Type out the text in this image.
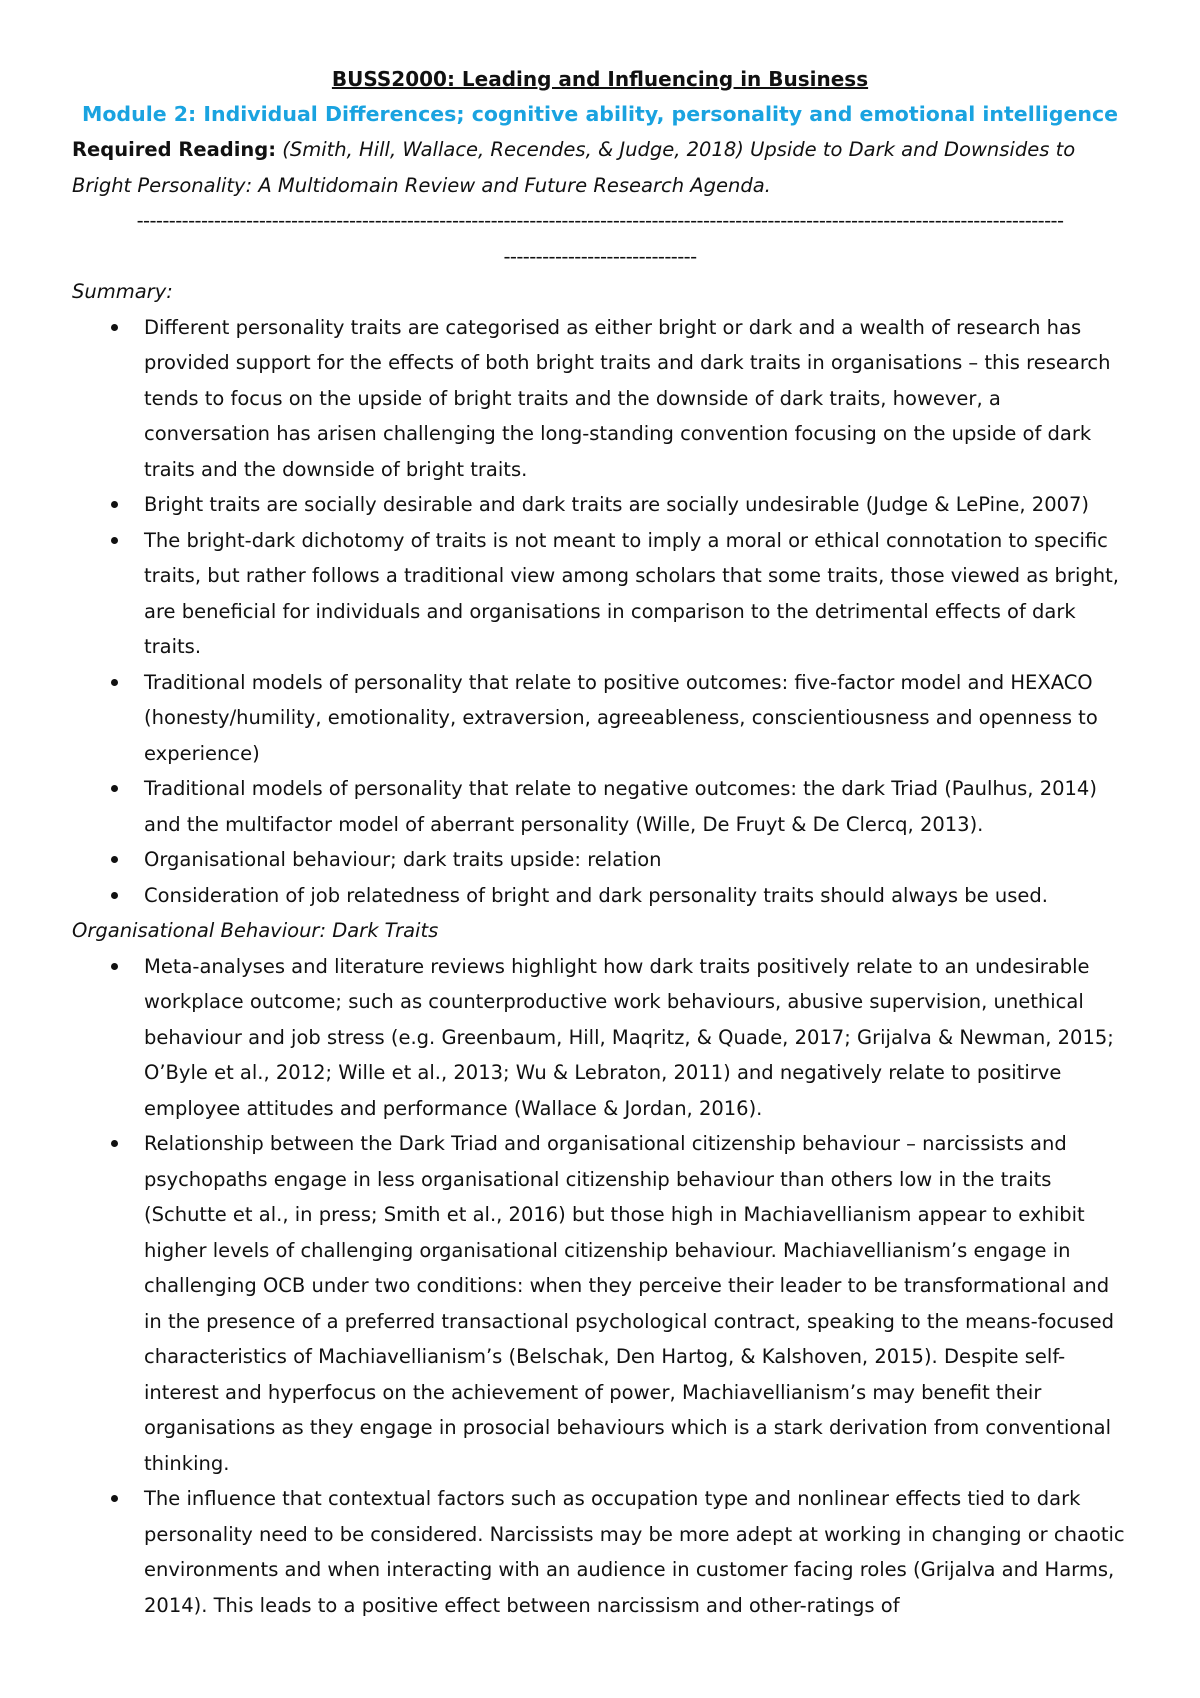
BUSS2000: Leading and Influencing in Business

Module 2: Individual Differences; cognitive ability, personality and emotional intelligence

Required Reading: (Smith, Hill, Wallace, Recendes, & Judge, 2018) Upside to Dark and Downsides to Bright Personality: A Multidomain Review and Future Research Agenda.

------------------------------------------------------------------------------------------------------------------------------------------------

------------------------------

Summary:

Different personality traits are categorised as either bright or dark and a wealth of research has provided support for the effects of both bright traits and dark traits in organisations – this research tends to focus on the upside of bright traits and the downside of dark traits, however, a conversation has arisen challenging the long-standing convention focusing on the upside of dark traits and the downside of bright traits.
Bright traits are socially desirable and dark traits are socially undesirable (Judge & LePine, 2007)
The bright-dark dichotomy of traits is not meant to imply a moral or ethical connotation to specific traits, but rather follows a traditional view among scholars that some traits, those viewed as bright, are beneficial for individuals and organisations in comparison to the detrimental effects of dark traits.
Traditional models of personality that relate to positive outcomes: five-factor model and HEXACO (honesty/humility, emotionality, extraversion, agreeableness, conscientiousness and openness to experience)
Traditional models of personality that relate to negative outcomes: the dark Triad (Paulhus, 2014) and the multifactor model of aberrant personality (Wille, De Fruyt & De Clercq, 2013).
Organisational behaviour; dark traits upside: relation
Consideration of job relatedness of bright and dark personality traits should always be used.

Organisational Behaviour: Dark Traits

Meta-analyses and literature reviews highlight how dark traits positively relate to an undesirable workplace outcome; such as counterproductive work behaviours, abusive supervision, unethical behaviour and job stress (e.g. Greenbaum, Hill, Maqritz, & Quade, 2017; Grijalva & Newman, 2015; O’Byle et al., 2012; Wille et al., 2013; Wu & Lebraton, 2011) and negatively relate to positirve employee attitudes and performance (Wallace & Jordan, 2016).
Relationship between the Dark Triad and organisational citizenship behaviour – narcissists and psychopaths engage in less organisational citizenship behaviour than others low in the traits (Schutte et al., in press; Smith et al., 2016) but those high in Machiavellianism appear to exhibit higher levels of challenging organisational citizenship behaviour. Machiavellianism’s engage in challenging OCB under two conditions: when they perceive their leader to be transformational and in the presence of a preferred transactional psychological contract, speaking to the means-focused characteristics of Machiavellianism’s (Belschak, Den Hartog, & Kalshoven, 2015). Despite self-interest and hyperfocus on the achievement of power, Machiavellianism’s may benefit their organisations as they engage in prosocial behaviours which is a stark derivation from conventional thinking.
The influence that contextual factors such as occupation type and nonlinear effects tied to dark personality need to be considered. Narcissists may be more adept at working in changing or chaotic environments and when interacting with an audience in customer facing roles (Grijalva and Harms, 2014). This leads to a positive effect between narcissism and other-ratings of
